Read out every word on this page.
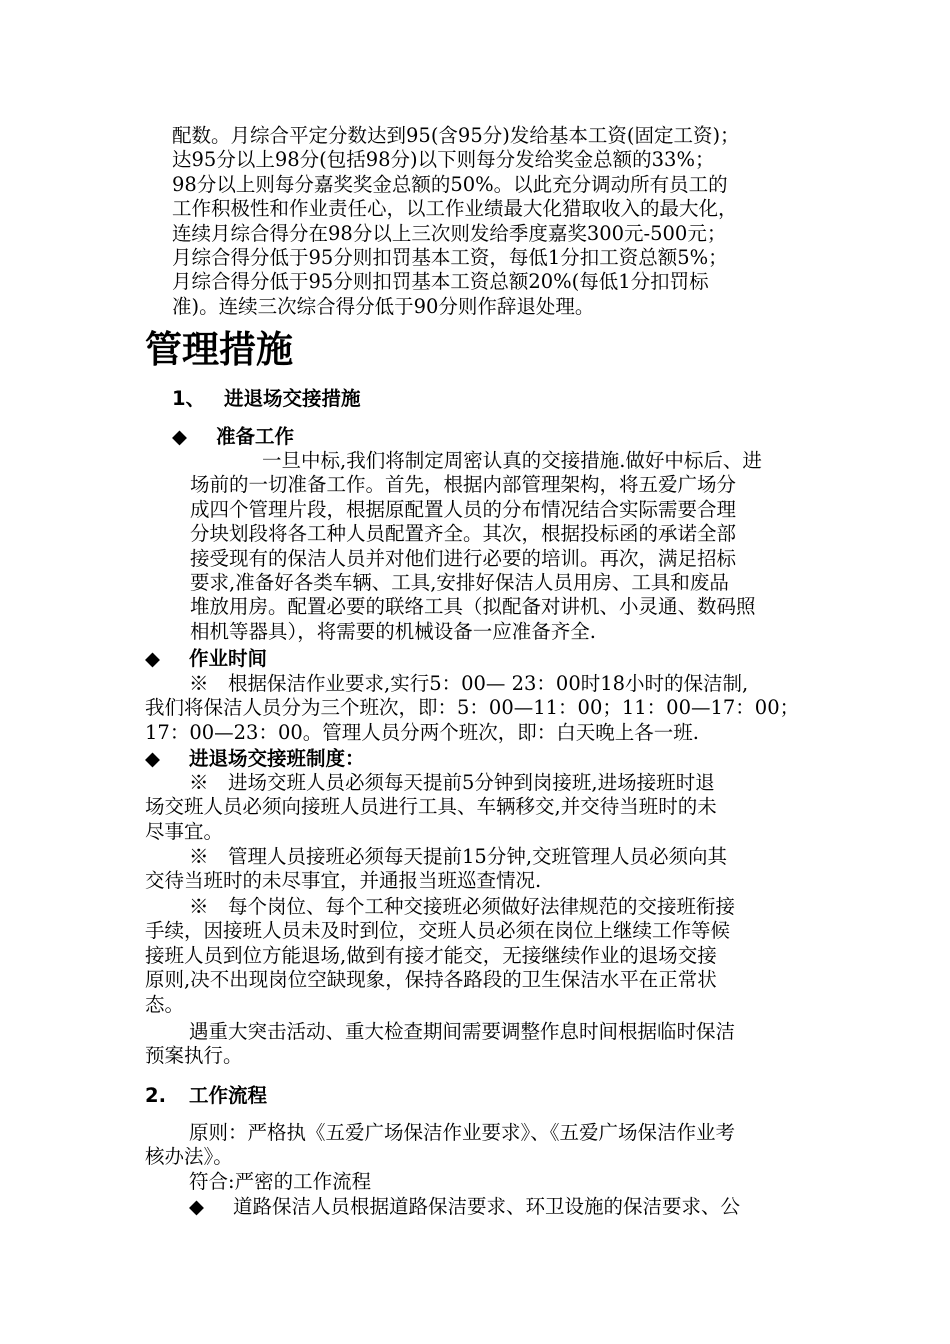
配数。月综合平定分数达到95(含95分)发给基本工资(固定工资)；
达95分以上98分(包括98分)以下则每分发给奖金总额的33%；
98分以上则每分嘉奖奖金总额的50%。以此充分调动所有员工的
工作积极性和作业责任心，以工作业绩最大化猎取收入的最大化，
连续月综合得分在98分以上三次则发给季度嘉奖300元-500元；
月综合得分低于95分则扣罚基本工资，每低1分扣工资总额5%；
月综合得分低于95分则扣罚基本工资总额20%(每低1分扣罚标
准)。连续三次综合得分低于90分则作辞退处理。
管理措施
1、 进退场交接措施
◆ 准备工作
一旦中标,我们将制定周密认真的交接措施.做好中标后、进
场前的一切准备工作。首先，根据内部管理架构，将五爱广场分
成四个管理片段，根据原配置人员的分布情况结合实际需要合理
分块划段将各工种人员配置齐全。其次，根据投标函的承诺全部
接受现有的保洁人员并对他们进行必要的培训。再次，满足招标
要求,准备好各类车辆、工具,安排好保洁人员用房、工具和废品
堆放用房。配置必要的联络工具（拟配备对讲机、小灵通、数码照
相机等器具），将需要的机械设备一应准备齐全.
◆ 作业时间
※　根据保洁作业要求,实行5：00— 23：00时18小时的保洁制,
我们将保洁人员分为三个班次，即：5：00—11：00；11：00—17：00；
17：00—23：00。管理人员分两个班次，即：白天晚上各一班.
◆ 进退场交接班制度：
※　进场交班人员必须每天提前5分钟到岗接班,进场接班时退
场交班人员必须向接班人员进行工具、车辆移交,并交待当班时的未
尽事宜。
※　管理人员接班必须每天提前15分钟,交班管理人员必须向其
交待当班时的未尽事宜，并通报当班巡查情况.
※　每个岗位、每个工种交接班必须做好法律规范的交接班衔接
手续，因接班人员未及时到位，交班人员必须在岗位上继续工作等候
接班人员到位方能退场,做到有接才能交，无接继续作业的退场交接
原则,决不出现岗位空缺现象，保持各路段的卫生保洁水平在正常状
态。
遇重大突击活动、重大检查期间需要调整作息时间根据临时保洁
预案执行。
2. 工作流程
原则：严格执《五爱广场保洁作业要求》、《五爱广场保洁作业考
核办法》。
符合:严密的工作流程
◆ 道路保洁人员根据道路保洁要求、环卫设施的保洁要求、公
